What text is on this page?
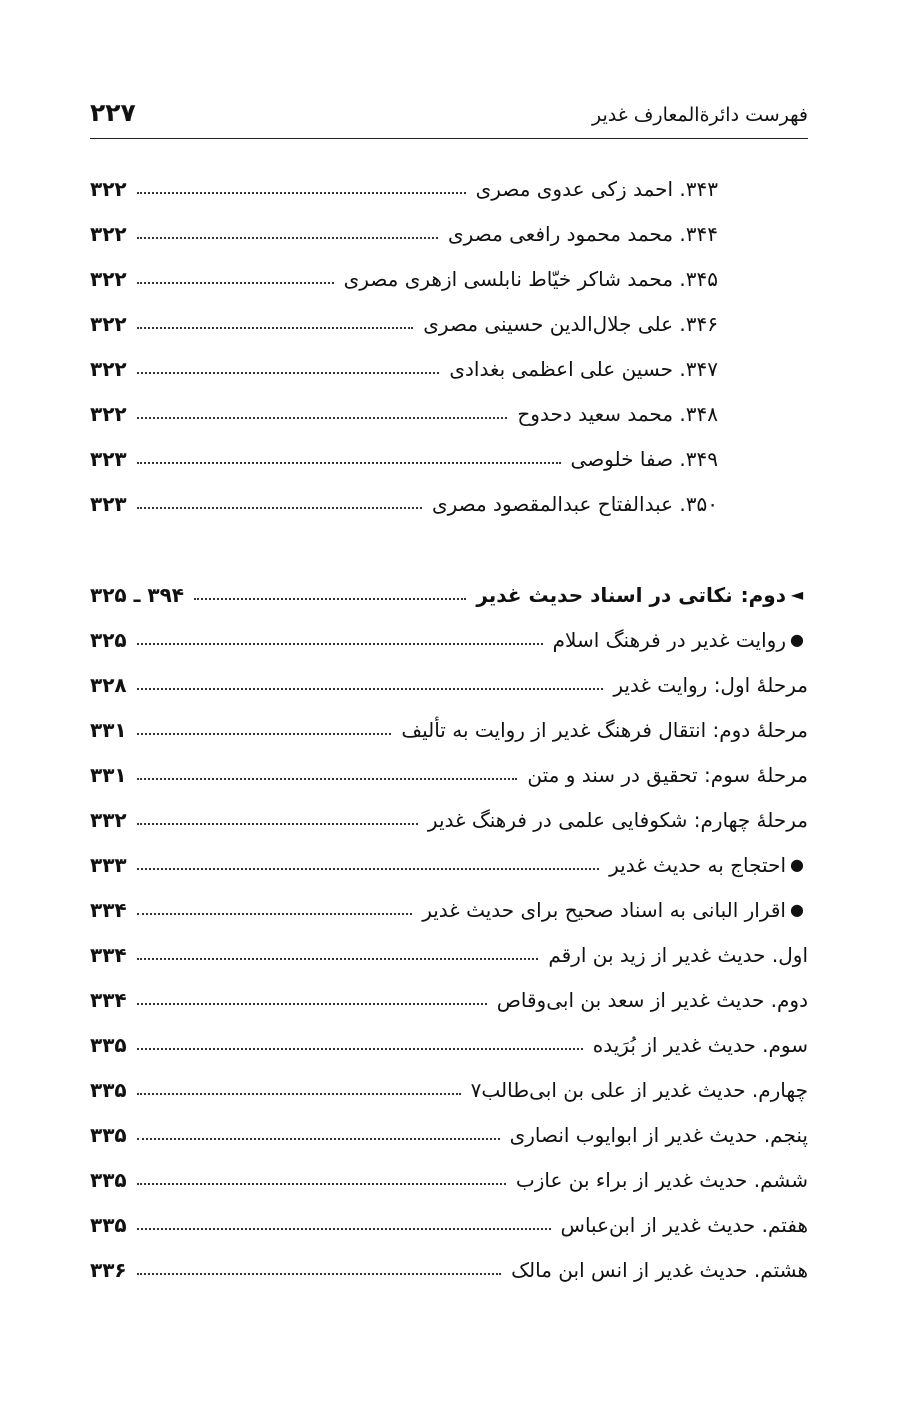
فهرست دائرةالمعارف غدیر
۲۲۷
۳۴۳. احمد زکی عدوی مصری
۳۲۲
۳۴۴. محمد محمود رافعی مصری
۳۲۲
۳۴۵. محمد شاکر خیّاط نابلسی ازهری مصری
۳۲۲
۳۴۶. علی جلال‌الدین حسینی مصری
۳۲۲
۳۴۷. حسین علی اعظمی بغدادی
۳۲۲
۳۴۸. محمد سعید دحدوح
۳۲۲
۳۴۹. صفا خلوصی
۳۲۳
۳۵۰. عبدالفتاح عبدالمقصود مصری
۳۲۳
◄
دوم:
نکاتی در اسناد حدیث غدیر
۳۹۴ ـ ۳۲۵
●
روایت غدیر در فرهنگ اسلام
۳۲۵
مرحلهٔ اول: روایت غدیر
۳۲۸
مرحلهٔ دوم: انتقال فرهنگ غدیر از روایت به تألیف
۳۳۱
مرحلهٔ سوم: تحقیق در سند و متن
۳۳۱
مرحلهٔ چهارم: شکوفایی علمی در فرهنگ غدیر
۳۳۲
●
احتجاج به حدیث غدیر
۳۳۳
●
اقرار البانی به اسناد صحیح برای حدیث غدیر
۳۳۴
اول. حدیث غدیر از زید بن ارقم
۳۳۴
دوم. حدیث غدیر از سعد بن ابی‌وقاص
۳۳۴
سوم. حدیث غدیر از بُرَیده
۳۳۵
چهارم. حدیث غدیر از علی بن ابی‌طالب۷
۳۳۵
پنجم. حدیث غدیر از ابوایوب انصاری
۳۳۵
ششم. حدیث غدیر از براء بن عازب
۳۳۵
هفتم. حدیث غدیر از ابن‌عباس
۳۳۵
هشتم. حدیث غدیر از انس ابن مالک
۳۳۶
